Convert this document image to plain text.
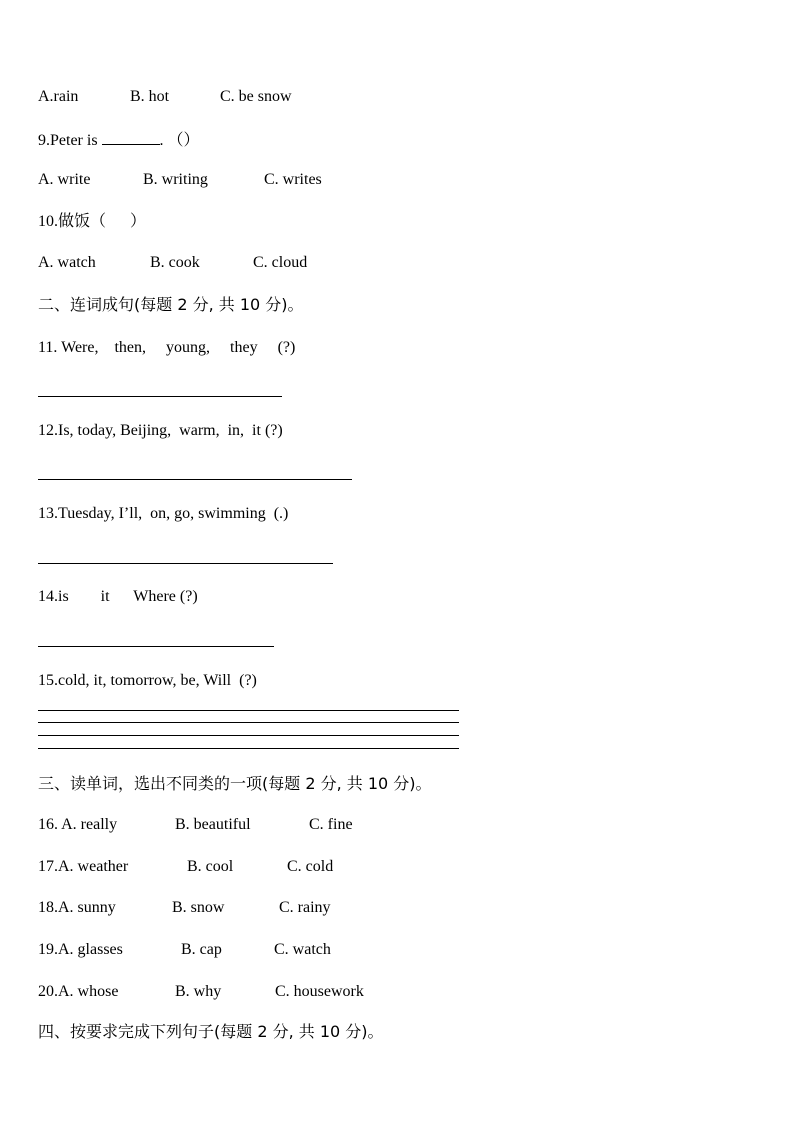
A.rain	B. hot	C. be snow
9.Peter is	. （）
A. write	B. writing	C. writes
10.做饭（      ）
A. watch	B. cook	C. cloud
二、连词成句(每题 2 分, 共 10 分)。
11. Were,    then,     young,     they     (?)
12.Is, today, Beijing,  warm,  in,  it (?)
13.Tuesday, I’ll,  on, go, swimming  (.)
14.is        it      Where (?)
15.cold, it, tomorrow, be, Will  (?)
三、读单词，选出不同类的一项(每题 2 分, 共 10 分)。
16. A. really	B. beautiful	C. fine
17.A. weather	B. cool	C. cold
18.A. sunny	B. snow	C. rainy
19.A. glasses	B. cap	C. watch
20.A. whose	B. why	C. housework
四、按要求完成下列句子(每题 2 分, 共 10 分)。
